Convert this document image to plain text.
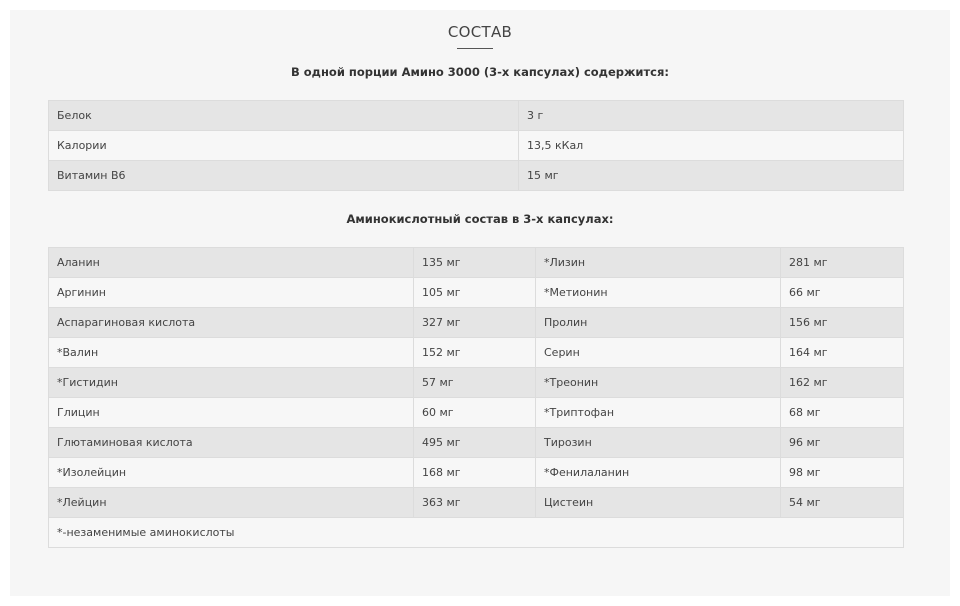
СОСТАВ

В одной порции Амино 3000 (3-х капсулах) содержится:

Белок	3 г
Калории	13,5 кКал
Витамин B6	15 мг

Аминокислотный состав в 3-х капсулах:

Аланин	135 мг	*Лизин	281 мг
Аргинин	105 мг	*Метионин	66 мг
Аспарагиновая кислота	327 мг	Пролин	156 мг
*Валин	152 мг	Серин	164 мг
*Гистидин	57 мг	*Треонин	162 мг
Глицин	60 мг	*Триптофан	68 мг
Глютаминовая кислота	495 мг	Тирозин	96 мг
*Изолейцин	168 мг	*Фенилаланин	98 мг
*Лейцин	363 мг	Цистеин	54 мг
*-незаменимые аминокислоты			
